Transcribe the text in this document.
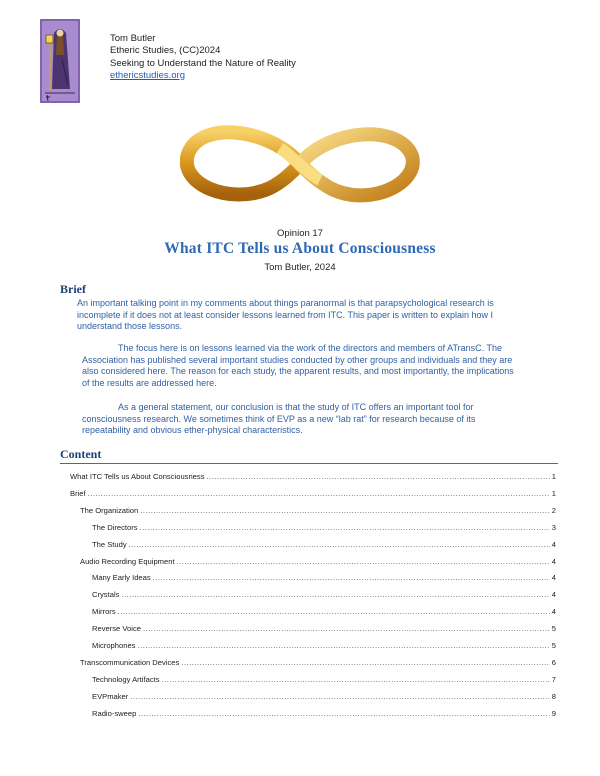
Tom Butler
Etheric Studies, (CC)2024
Seeking to Understand the Nature of Reality
ethericstudies.org
Opinion 17
What ITC Tells us About Consciousness
Tom Butler, 2024
Brief
An important talking point in my comments about things paranormal is that parapsychological research is incomplete if it does not at least consider lessons learned from ITC. This paper is written to explain how I understand those lessons.
The focus here is on lessons learned via the work of the directors and members of ATransC. The Association has published several important studies conducted by other groups and individuals and they are also considered here. The reason for each study, the apparent results, and most importantly, the implications of the results are addressed here.
As a general statement, our conclusion is that the study of ITC offers an important tool for consciousness research. We sometimes think of EVP as a new “lab rat” for research because of its repeatability and obvious ether-physical characteristics.
Content
What ITC Tells us About Consciousness .....	1
Brief .....	1
The Organization .....	2
The Directors .....	3
The Study .....	4
Audio Recording Equipment .....	4
Many Early Ideas .....	4
Crystals .....	4
Mirrors .....	4
Reverse Voice .....	5
Microphones .....	5
Transcommunication Devices .....	6
Technology Artifacts .....	7
EVPmaker .....	8
Radio-sweep .....	9
